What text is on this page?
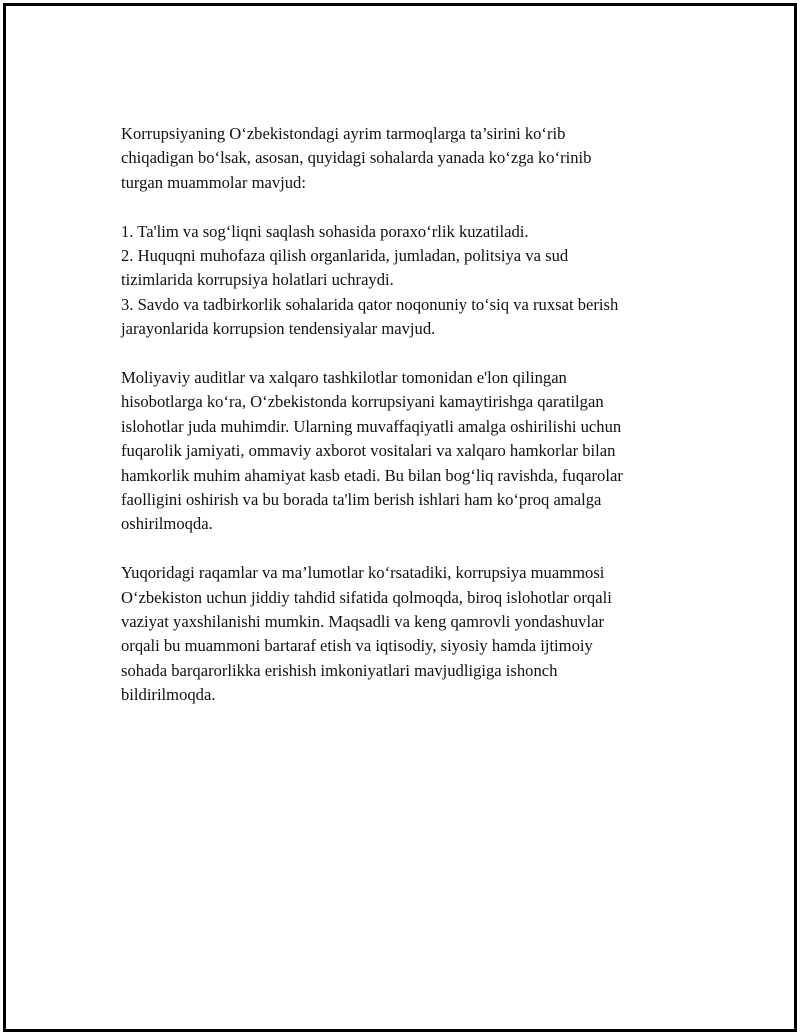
Korrupsiyaning O‘zbekistondagi ayrim tarmoqlarga ta’sirini ko‘rib
chiqadigan bo‘lsak, asosan, quyidagi sohalarda yanada ko‘zga ko‘rinib
turgan muammolar mavjud:

1. Ta'lim va sog‘liqni saqlash sohasida poraxo‘rlik kuzatiladi.
2. Huquqni muhofaza qilish organlarida, jumladan, politsiya va sud
tizimlarida korrupsiya holatlari uchraydi.
3. Savdo va tadbirkorlik sohalarida qator noqonuniy to‘siq va ruxsat berish
jarayonlarida korrupsion tendensiyalar mavjud.

Moliyaviy auditlar va xalqaro tashkilotlar tomonidan e'lon qilingan
hisobotlarga ko‘ra, O‘zbekistonda korrupsiyani kamaytirishga qaratilgan
islohotlar juda muhimdir. Ularning muvaffaqiyatli amalga oshirilishi uchun
fuqarolik jamiyati, ommaviy axborot vositalari va xalqaro hamkorlar bilan
hamkorlik muhim ahamiyat kasb etadi. Bu bilan bog‘liq ravishda, fuqarolar
faolligini oshirish va bu borada ta'lim berish ishlari ham ko‘proq amalga
oshirilmoqda.

Yuqoridagi raqamlar va ma’lumotlar ko‘rsatadiki, korrupsiya muammosi
O‘zbekiston uchun jiddiy tahdid sifatida qolmoqda, biroq islohotlar orqali
vaziyat yaxshilanishi mumkin. Maqsadli va keng qamrovli yondashuvlar
orqali bu muammoni bartaraf etish va iqtisodiy, siyosiy hamda ijtimoiy
sohada barqarorlikka erishish imkoniyatlari mavjudligiga ishonch
bildirilmoqda.
